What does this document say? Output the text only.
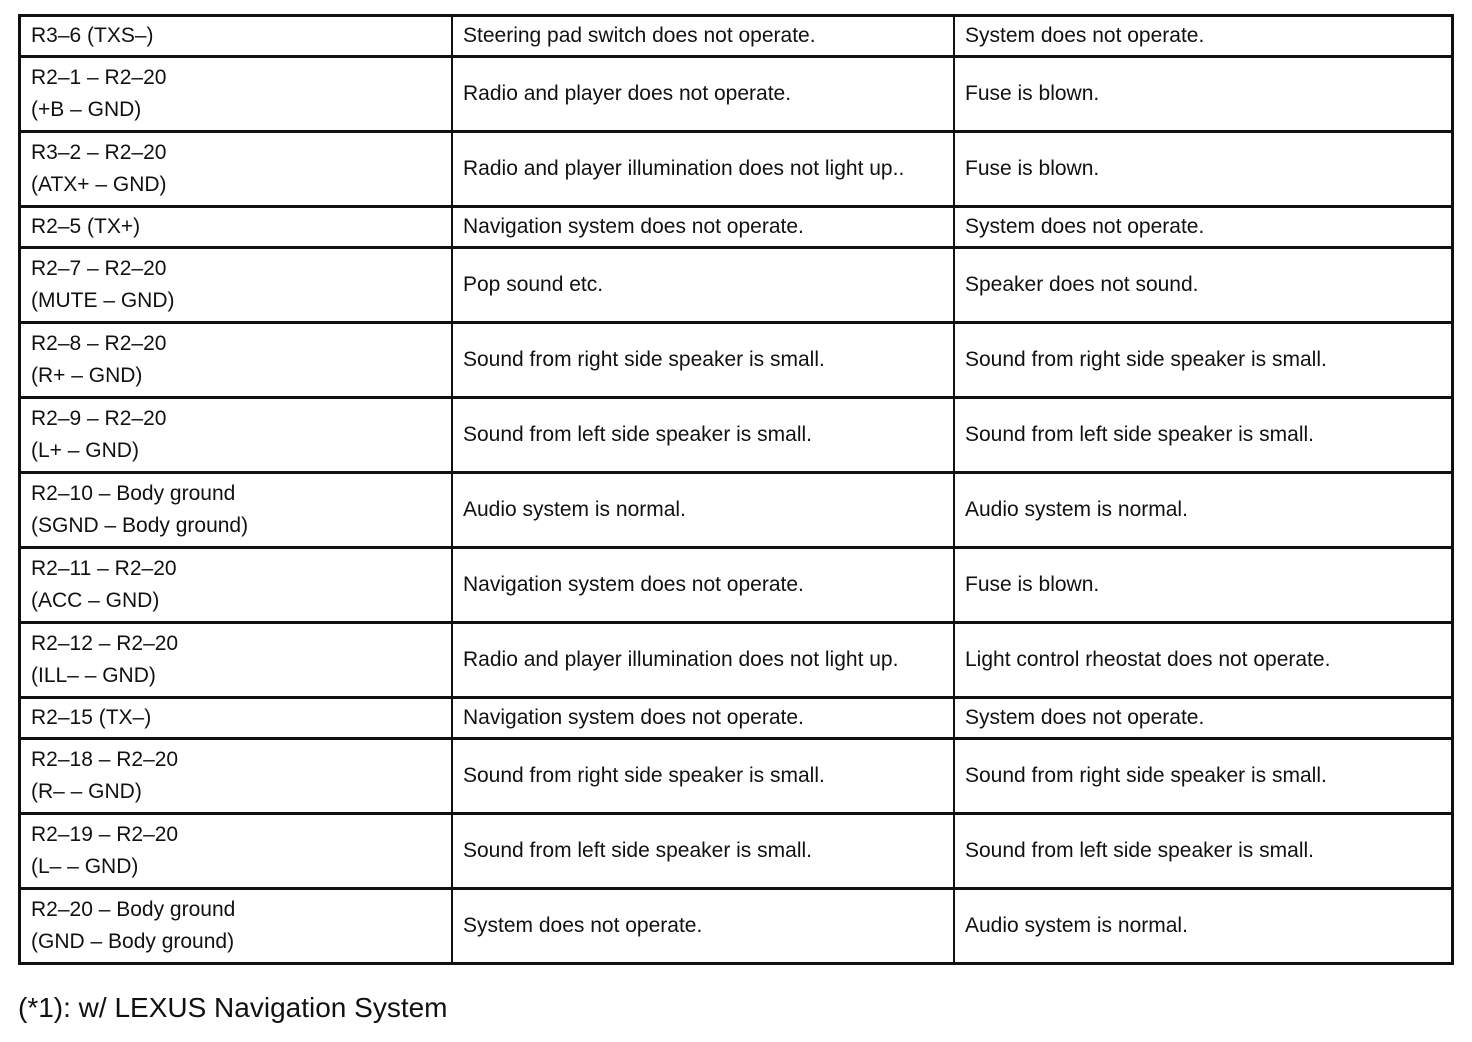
R3–6 (TXS–)	Steering pad switch does not operate.	System does not operate.

R2–1 – R2–20
(+B – GND)	Radio and player does not operate.	Fuse is blown.

R3–2 – R2–20
(ATX+ – GND)	Radio and player illumination does not light up..	Fuse is blown.

R2–5 (TX+)	Navigation system does not operate.	System does not operate.

R2–7 – R2–20
(MUTE – GND)	Pop sound etc.	Speaker does not sound.

R2–8 – R2–20
(R+ – GND)	Sound from right side speaker is small.	Sound from right side speaker is small.

R2–9 – R2–20
(L+ – GND)	Sound from left side speaker is small.	Sound from left side speaker is small.

R2–10 – Body ground
(SGND – Body ground)	Audio system is normal.	Audio system is normal.

R2–11 – R2–20
(ACC – GND)	Navigation system does not operate.	Fuse is blown.

R2–12 – R2–20
(ILL– – GND)	Radio and player illumination does not light up.	Light control rheostat does not operate.

R2–15 (TX–)	Navigation system does not operate.	System does not operate.

R2–18 – R2–20
(R– – GND)	Sound from right side speaker is small.	Sound from right side speaker is small.

R2–19 – R2–20
(L– – GND)	Sound from left side speaker is small.	Sound from left side speaker is small.

R2–20 – Body ground
(GND – Body ground)	System does not operate.	Audio system is normal.
(*1): w/ LEXUS Navigation System
